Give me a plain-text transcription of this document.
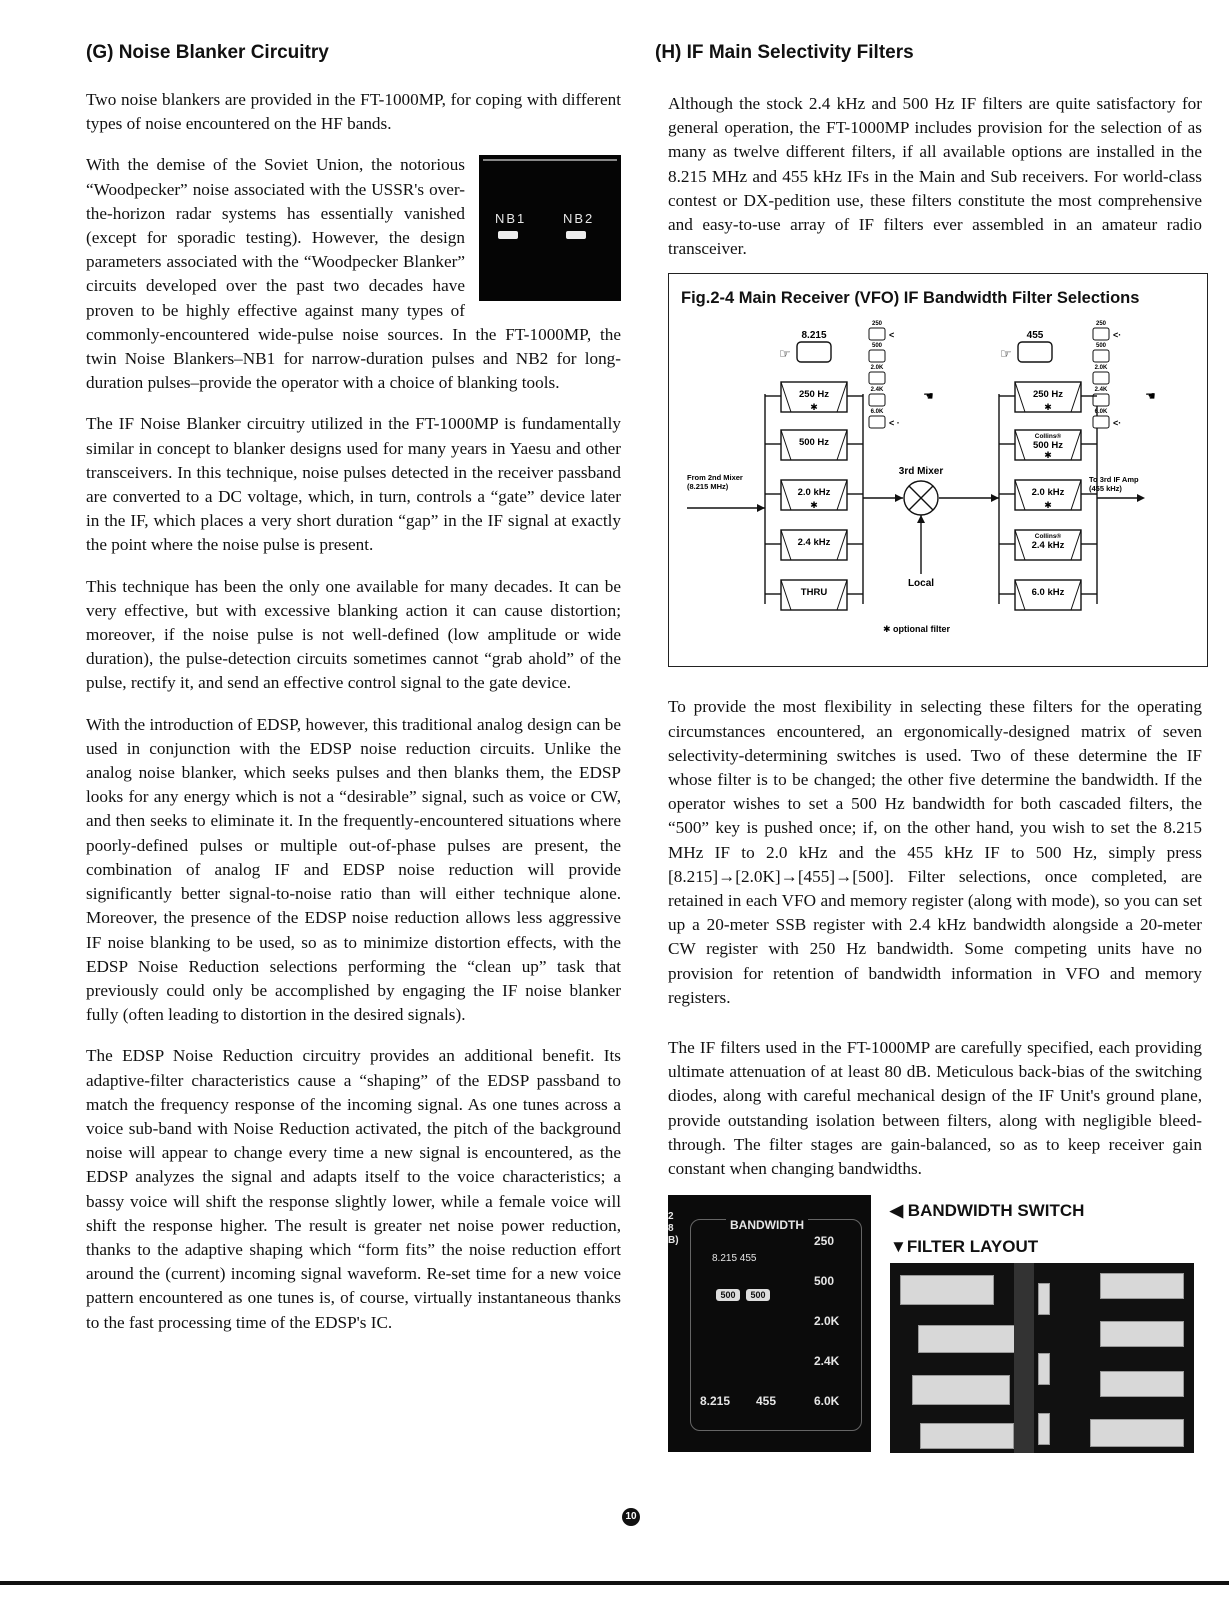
(G) Noise Blanker Circuitry	(H) IF Main Selectivity Filters

Two noise blankers are provided in the FT-1000MP, for coping with different types of noise encountered on the HF bands.

NB1	NB2

With the demise of the Soviet Union, the notorious “Woodpecker” noise associated with the USSR's over-the-horizon radar systems has essentially vanished (except for sporadic testing). However, the design parameters associated with the “Woodpecker Blanker” circuits developed over the past two decades have proven to be highly effective against many types of commonly-encountered wide-pulse noise sources. In the FT-1000MP, the twin Noise Blankers–NB1 for narrow-duration pulses and NB2 for long-duration pulses–provide the operator with a choice of blanking tools.

The IF Noise Blanker circuitry utilized in the FT-1000MP is fundamentally similar in concept to blanker designs used for many years in Yaesu and other transceivers. In this technique, noise pulses detected in the receiver passband are converted to a DC voltage, which, in turn, controls a “gate” device later in the IF, which places a very short duration “gap” in the IF signal at exactly the point where the noise pulse is present.

This technique has been the only one available for many decades. It can be very effective, but with excessive blanking action it can cause distortion; moreover, if the noise pulse is not well-defined (low amplitude or wide duration), the pulse-detection circuits sometimes cannot “grab ahold” of the pulse, rectify it, and send an effective control signal to the gate device.

With the introduction of EDSP, however, this traditional analog design can be used in conjunction with the EDSP noise reduction circuits. Unlike the analog noise blanker, which seeks pulses and then blanks them, the EDSP looks for any energy which is not a “desirable” signal, such as voice or CW, and then seeks to eliminate it. In the frequently-encountered situations where poorly-defined pulses or multiple out-of-phase pulses are present, the combination of analog IF and EDSP noise reduction will provide significantly better signal-to-noise ratio than will either technique alone. Moreover, the presence of the EDSP noise reduction allows less aggressive IF noise blanking to be used, so as to minimize distortion effects, with the EDSP Noise Reduction selections performing the “clean up” task that previously could only be accomplished by engaging the IF noise blanker fully (often leading to distortion in the desired signals).

The EDSP Noise Reduction circuitry provides an additional benefit. Its adaptive-filter characteristics cause a “shaping” of the EDSP passband to match the frequency response of the incoming signal. As one tunes across a voice sub-band with Noise Reduction activated, the pitch of the background noise will appear to change every time a new signal is encountered, as the EDSP analyzes the signal and adapts itself to the voice characteristics; a bassy voice will shift the response slightly lower, while a female voice will shift the response higher. The result is greater net noise power reduction, thanks to the adaptive shaping which “form fits” the noise reduction effort around the (current) incoming signal waveform. Re-set time for a new voice pattern encountered as one tunes is, of course, virtually instantaneous thanks to the fast processing time of the EDSP's IC.

Although the stock 2.4 kHz and 500 Hz IF filters are quite satisfactory for general operation, the FT-1000MP includes provision for the selection of as many as twelve different filters, if all available options are installed in the 8.215 MHz and 455 kHz IFs in the Main and Sub receivers. For world-class contest or DX-pedition use, these filters constitute the most comprehensive and easy-to-use array of IF filters ever assembled in an amateur radio transceiver.

Fig.2-4 Main Receiver (VFO) IF Bandwidth Filter Selections

8.215	455
☞	☞
250
500
2.0K
2.4K
6.0K
<
< ·
250
500
2.0K
2.4K
6.0K
<·
<·
☚	☚
250 Hz
✱
500 Hz
2.0 kHz
✱
2.4 kHz
THRU
250 Hz
✱
Collins®
500 Hz
✱
2.0 kHz
✱
Collins®
2.4 kHz
6.0 kHz
3rd Mixer
Local
From 2nd Mixer
(8.215 MHz)
To 3rd IF Amp
(455 kHz)
✱ optional filter

To provide the most flexibility in selecting these filters for the operating circumstances encountered, an ergonomically-designed matrix of seven selectivity-determining switches is used. Two of these determine the IF whose filter is to be changed; the other five determine the bandwidth. If the operator wishes to set a 500 Hz bandwidth for both cascaded filters, the “500” key is pushed once; if, on the other hand, you wish to set the 8.215 MHz IF to 2.0 kHz and the 455 kHz IF to 500 Hz, simply press [8.215]→[2.0K]→[455]→[500]. Filter selections, once completed, are retained in each VFO and memory register (along with mode), so you can set up a 20-meter SSB register with 2.4 kHz bandwidth alongside a 20-meter CW register with 250 Hz bandwidth. Some competing units have no provision for retention of bandwidth information in VFO and memory registers.

The IF filters used in the FT-1000MP are carefully specified, each providing ultimate attenuation of at least 80 dB. Meticulous back-bias of the switching diodes, along with careful mechanical design of the IF Unit's ground plane, provide outstanding isolation between filters, along with negligible bleed-through. The filter stages are gain-balanced, so as to keep receiver gain constant when changing bandwidths.

BANDWIDTH
8.215 455
500	500
250
500
2.0K
2.4K
6.0K
8.215 455
2
8
B)

◀ BANDWIDTH SWITCH

▼FILTER LAYOUT

10
